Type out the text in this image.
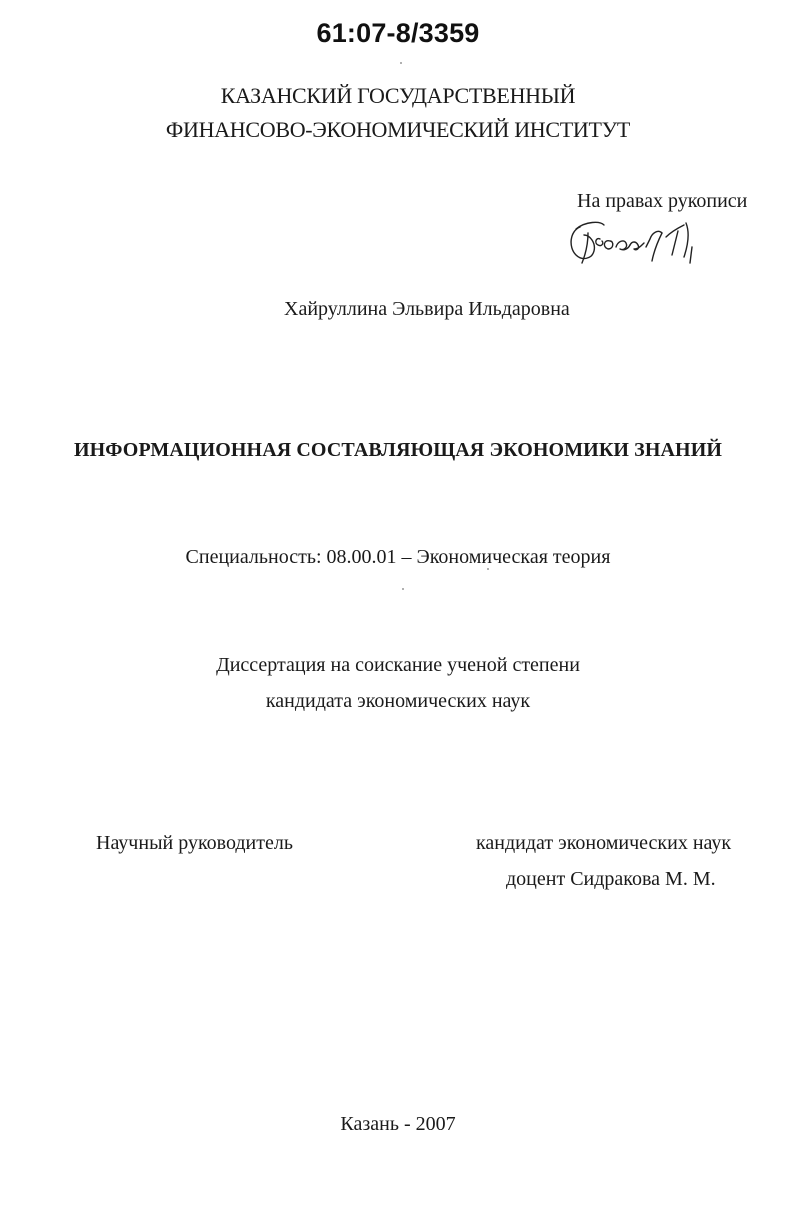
61:07-8/3359
КАЗАНСКИЙ ГОСУДАРСТВЕННЫЙ
ФИНАНСОВО-ЭКОНОМИЧЕСКИЙ ИНСТИТУТ
На правах рукописи
Хайруллина Эльвира Ильдаровна
ИНФОРМАЦИОННАЯ СОСТАВЛЯЮЩАЯ ЭКОНОМИКИ ЗНАНИЙ
Специальность: 08.00.01 – Экономическая теория
Диссертация на соискание ученой степени
кандидата экономических наук
Научный руководитель	кандидат экономических наук
доцент Сидракова М. М.
Казань - 2007
